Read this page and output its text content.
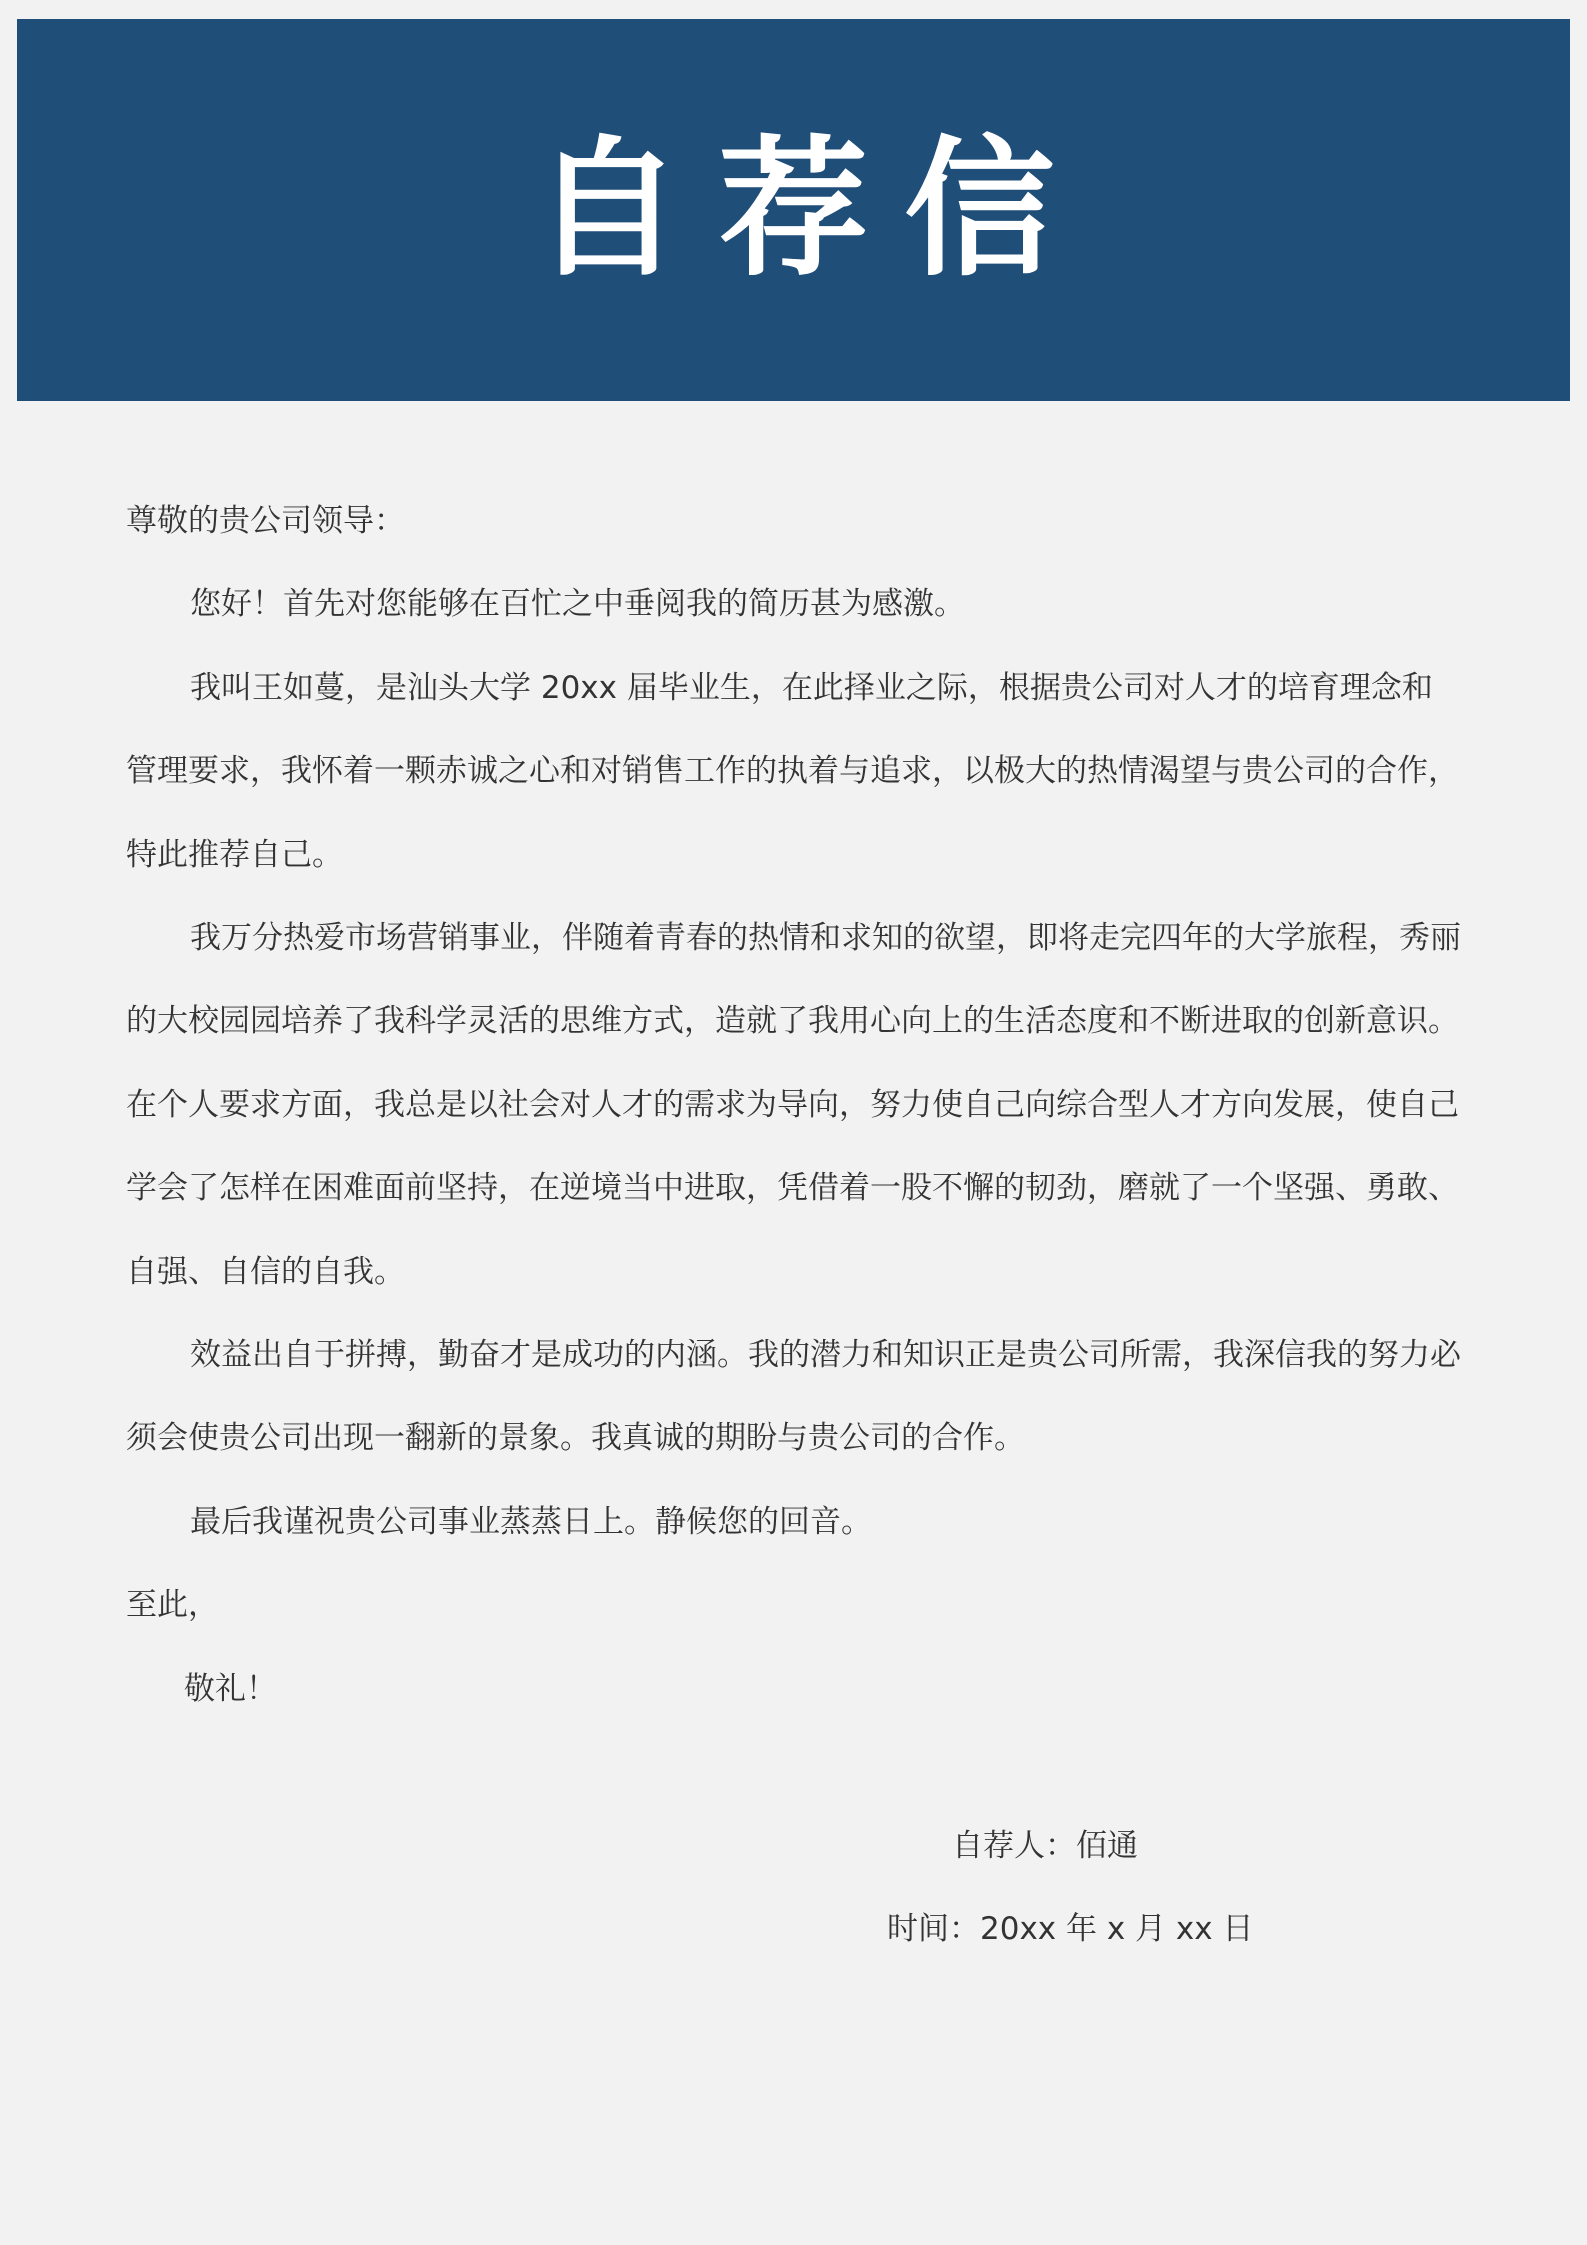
自荐信

尊敬的贵公司领导：

您好！首先对您能够在百忙之中垂阅我的简历甚为感激。

我叫王如蔓，是汕头大学 20xx 届毕业生，在此择业之际，根据贵公司对人才的培育理念和管理要求，我怀着一颗赤诚之心和对销售工作的执着与追求，以极大的热情渴望与贵公司的合作，特此推荐自己。

我万分热爱市场营销事业，伴随着青春的热情和求知的欲望，即将走完四年的大学旅程，秀丽的大校园园培养了我科学灵活的思维方式，造就了我用心向上的生活态度和不断进取的创新意识。在个人要求方面，我总是以社会对人才的需求为导向，努力使自己向综合型人才方向发展，使自己学会了怎样在困难面前坚持，在逆境当中进取，凭借着一股不懈的韧劲，磨就了一个坚强、勇敢、自强、自信的自我。

效益出自于拼搏，勤奋才是成功的内涵。我的潜力和知识正是贵公司所需，我深信我的努力必须会使贵公司出现一翻新的景象。我真诚的期盼与贵公司的合作。

最后我谨祝贵公司事业蒸蒸日上。静候您的回音。

至此，

敬礼！

自荐人：佰通
时间：20xx 年 x 月 xx 日
